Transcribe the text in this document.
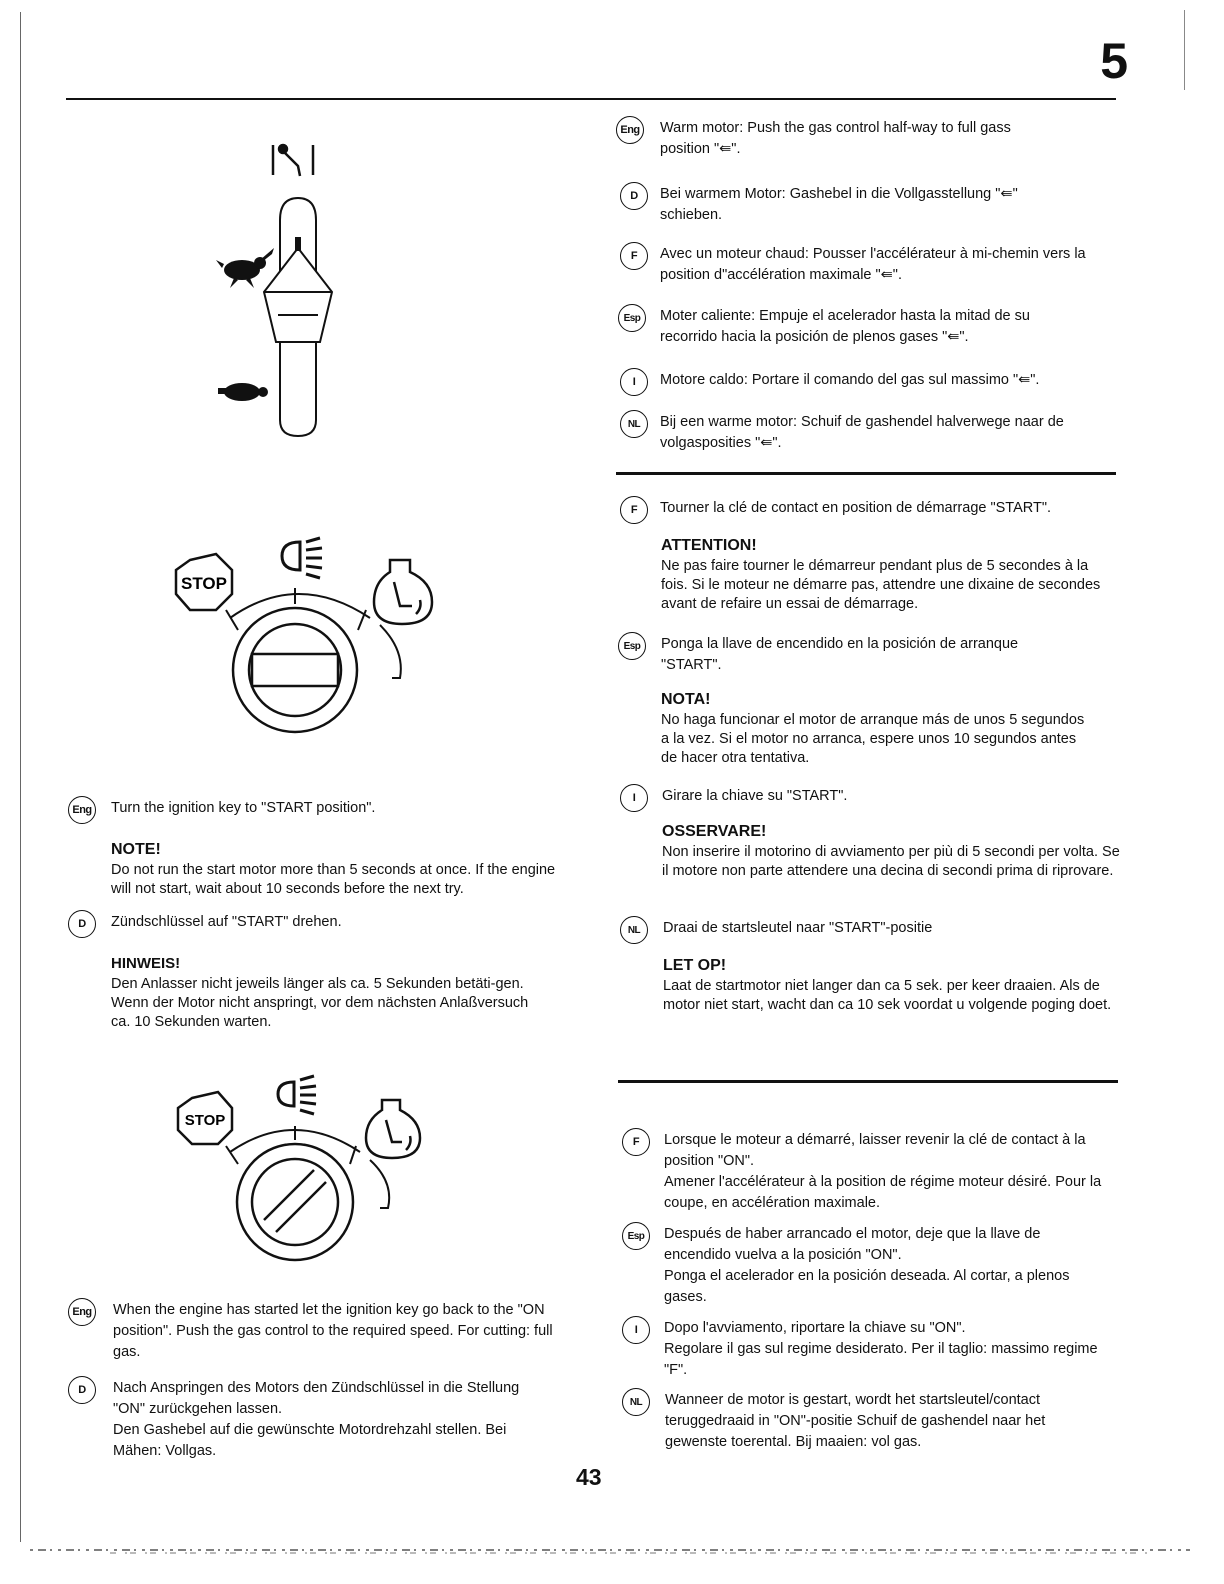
5
STOP
STOP
Eng	Warm motor: Push the gas control half-way to full gass position "⇚".
D	Bei warmem Motor: Gashebel in die Vollgasstellung "⇚" schieben.
F	Avec un moteur chaud: Pousser l'accélérateur à mi-chemin vers la position d"accélération maximale "⇚".
Esp	Moter caliente: Empuje el acelerador hasta la mitad de su recorrido hacia la posición de plenos gases "⇚".
I	Motore caldo: Portare il comando del gas sul massimo "⇚".
NL	Bij een warme motor: Schuif de gashendel halverwege naar de volgasposities "⇚".
F	Tourner la clé de contact en position de démarrage "START".
ATTENTION!
Ne pas faire tourner le démarreur pendant plus de 5 secondes à la fois. Si le moteur ne démarre pas, attendre une dixaine de secondes avant de refaire un essai de démarrage.
Esp	Ponga la llave de encendido en la posición de arranque "START".
NOTA!
No haga funcionar el motor de arranque más de unos 5 segundos a la vez. Si el motor no arranca, espere unos 10 segundos antes de hacer otra tentativa.
I	Girare la chiave su "START".
OSSERVARE!
Non inserire il motorino di avviamento per più di 5 secondi per volta. Se il motore non parte attendere una decina di secondi prima di riprovare.
NL	Draai de startsleutel naar "START"-positie
LET OP!
Laat de startmotor niet langer dan ca 5 sek. per keer draaien. Als de motor niet start, wacht dan ca 10 sek voordat u volgende poging doet.
F	Lorsque le moteur a démarré, laisser revenir la clé de contact à la position "ON".
Amener l'accélérateur à la position de régime moteur désiré. Pour la coupe, en accélération maximale.
Esp	Después de haber arrancado el motor, deje que la llave de encendido vuelva a la posición "ON".
Ponga el acelerador en la posición deseada. Al cortar, a plenos gases.
I	Dopo l'avviamento, riportare la chiave su "ON".
Regolare il gas sul regime desiderato. Per il taglio: massimo regime "F".
NL	Wanneer de motor is gestart, wordt het startsleutel/contact teruggedraaid in "ON"-positie Schuif de gashendel naar het gewenste toerental. Bij maaien: vol gas.
Eng	Turn the ignition key to "START position".
NOTE!
Do not run the start motor more than 5 seconds at once. If the engine will not start, wait about 10 seconds before the next try.
D	Zündschlüssel auf "START" drehen.
HINWEIS!
Den Anlasser nicht jeweils länger als ca. 5 Sekunden betäti-gen. Wenn der Motor nicht anspringt, vor dem nächsten Anlaßversuch ca. 10 Sekunden warten.
Eng	When the engine has started let the ignition key go back to the "ON position". Push the gas control to the required speed. For cutting: full gas.
D	Nach Anspringen des Motors den Zündschlüssel in die Stellung "ON" zurückgehen lassen.
Den Gashebel auf die gewünschte Motordrehzahl stellen. Bei Mähen: Vollgas.
43
